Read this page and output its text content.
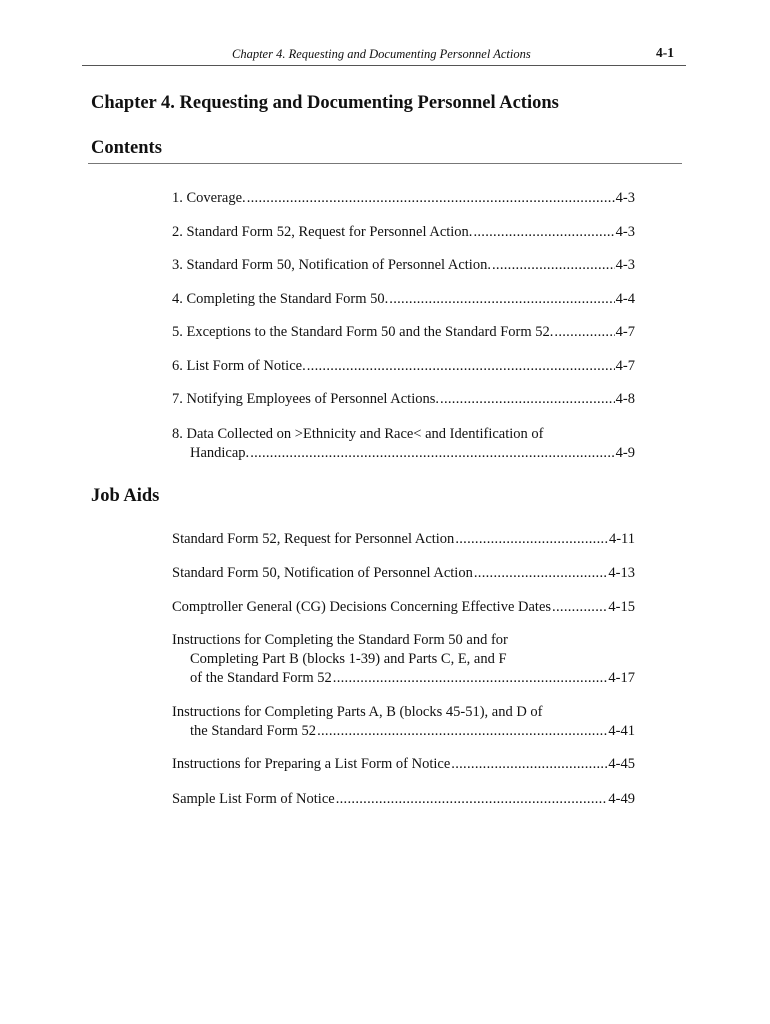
Chapter 4. Requesting and Documenting Personnel Actions	4-1
Chapter 4. Requesting and Documenting Personnel Actions
Contents
1. Coverage. .....	4-3
2. Standard Form 52, Request for Personnel Action. .....	4-3
3. Standard Form 50, Notification of Personnel Action. .....	4-3
4. Completing the Standard Form 50. .....	4-4
5. Exceptions to the Standard Form 50 and the Standard Form 52. .....	4-7
6. List Form of Notice. .....	4-7
7. Notifying Employees of Personnel Actions. .....	4-8
8. Data Collected on >Ethnicity and Race< and Identification of
Handicap. .....	4-9
Job Aids
Standard Form 52, Request for Personnel Action .....	4-11
Standard Form 50, Notification of Personnel Action .....	4-13
Comptroller General (CG) Decisions Concerning Effective Dates .....	4-15
Instructions for Completing the Standard Form 50 and for
Completing Part B (blocks 1-39) and Parts C, E, and F
of the Standard Form 52 .....	4-17
Instructions for Completing Parts A, B (blocks 45-51), and D of
the Standard Form 52 .....	4-41
Instructions for Preparing a List Form of Notice .....	4-45
Sample List Form of Notice .....	4-49
